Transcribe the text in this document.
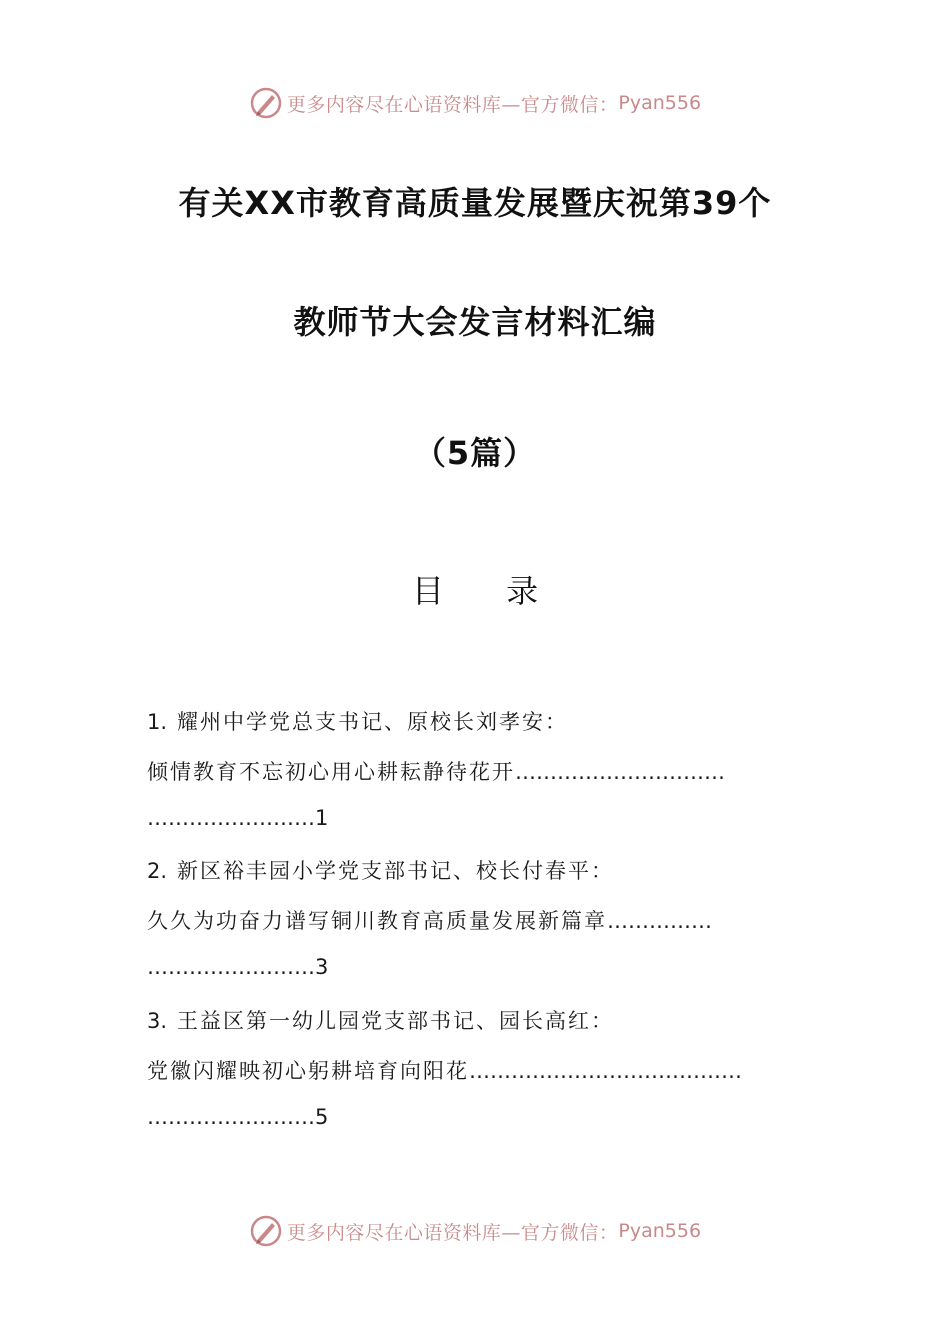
更多内容尽在心语资料库—官方微信： Pyan556
有关XX市教育高质量发展暨庆祝第39个
教师节大会发言材料汇编
（5篇）
目 录
1. 耀州中学党总支书记、原校长刘孝安：
倾情教育不忘初心用心耕耘静待花开…………………………
……………………1
2. 新区裕丰园小学党支部书记、校长付春平：
久久为功奋力谱写铜川教育高质量发展新篇章……………
……………………3
3. 王益区第一幼儿园党支部书记、园长高红：
党徽闪耀映初心躬耕培育向阳花…………………………………
……………………5
更多内容尽在心语资料库—官方微信： Pyan556
